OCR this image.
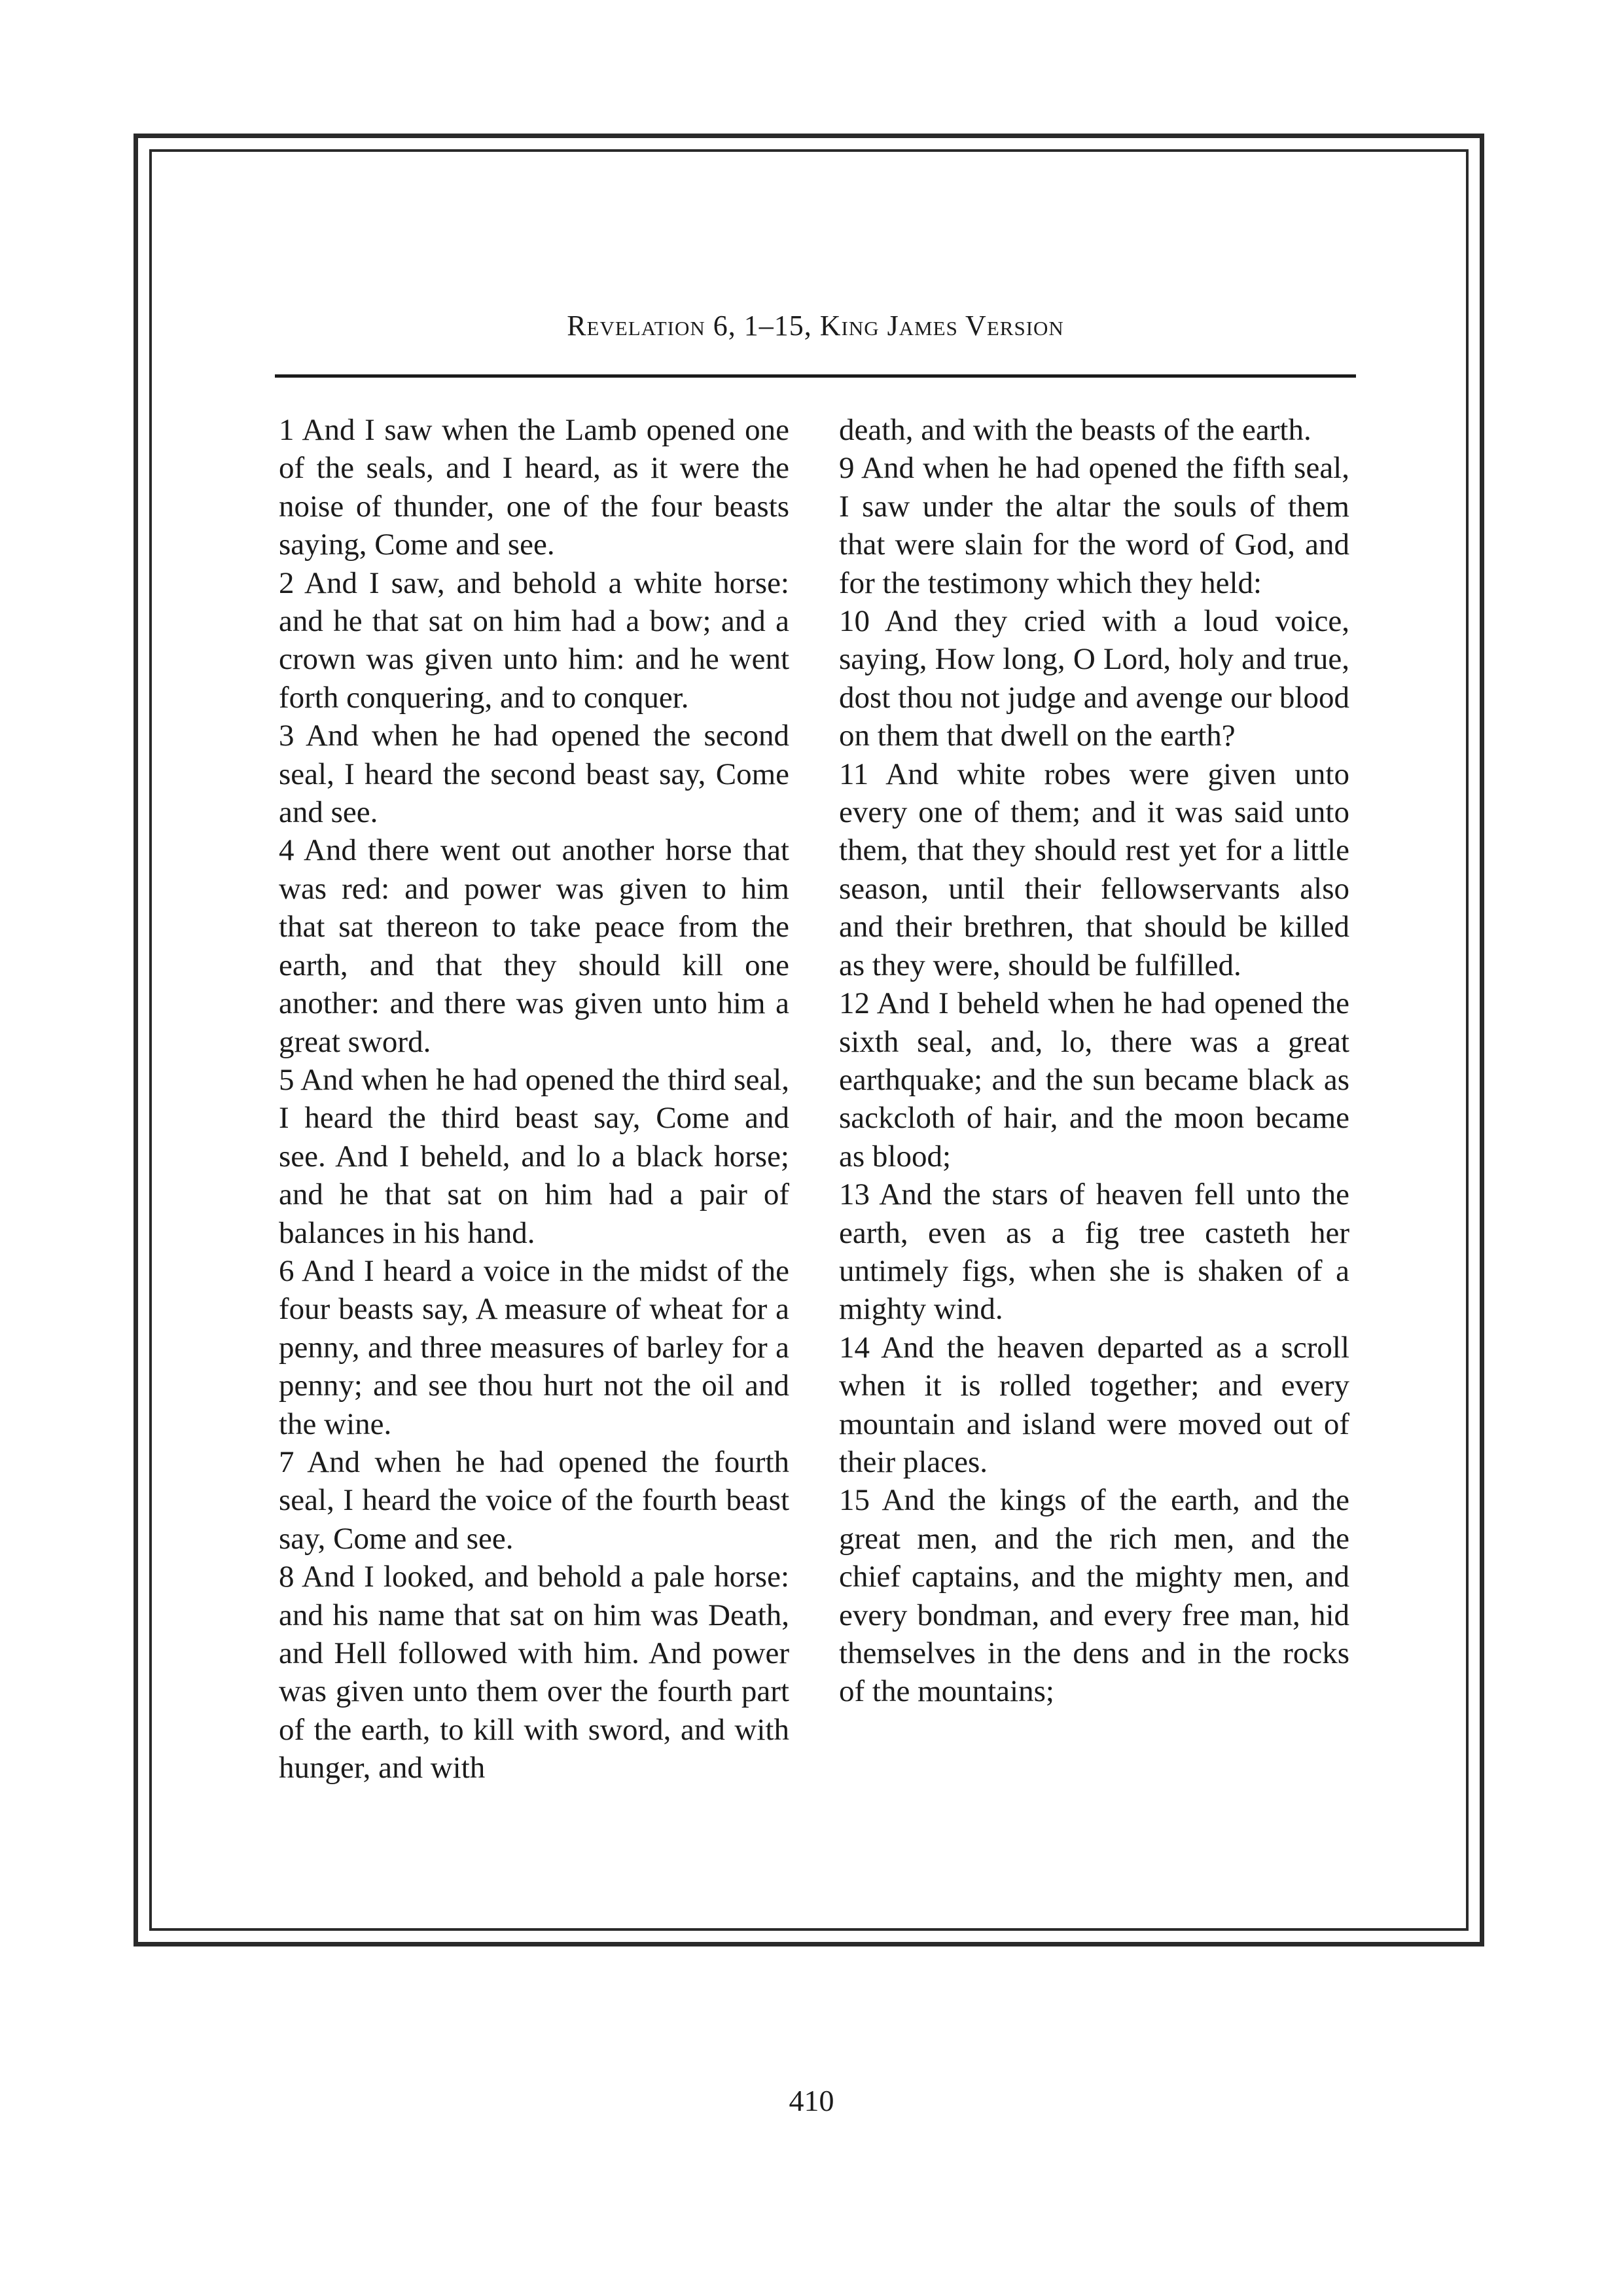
Revelation 6, 1–15, King James Version

1 And I saw when the Lamb opened one of the seals, and I heard, as it were the noise of thunder, one of the four beasts saying, Come and see.

2 And I saw, and behold a white horse: and he that sat on him had a bow; and a crown was given unto him: and he went forth conquering, and to conquer.

3 And when he had opened the second seal, I heard the second beast say, Come and see.

4 And there went out another horse that was red: and power was given to him that sat thereon to take peace from the earth, and that they should kill one another: and there was given unto him a great sword.

5 And when he had opened the third seal, I heard the third beast say, Come and see. And I beheld, and lo a black horse; and he that sat on him had a pair of balances in his hand.

6 And I heard a voice in the midst of the four beasts say, A measure of wheat for a penny, and three measures of barley for a penny; and see thou hurt not the oil and the wine.

7 And when he had opened the fourth seal, I heard the voice of the fourth beast say, Come and see.

8 And I looked, and behold a pale horse: and his name that sat on him was Death, and Hell followed with him. And power was given unto them over the fourth part of the earth, to kill with sword, and with hunger, and with

death, and with the beasts of the earth.

9 And when he had opened the fifth seal, I saw under the altar the souls of them that were slain for the word of God, and for the testimony which they held:

10 And they cried with a loud voice, saying, How long, O Lord, holy and true, dost thou not judge and avenge our blood on them that dwell on the earth?

11 And white robes were given unto every one of them; and it was said unto them, that they should rest yet for a little season, until their fellowservants also and their brethren, that should be killed as they were, should be fulfilled.

12 And I beheld when he had opened the sixth seal, and, lo, there was a great earthquake; and the sun became black as sackcloth of hair, and the moon became as blood;

13 And the stars of heaven fell unto the earth, even as a fig tree casteth her untimely figs, when she is shaken of a mighty wind.

14 And the heaven departed as a scroll when it is rolled together; and every mountain and island were moved out of their places.

15 And the kings of the earth, and the great men, and the rich men, and the chief captains, and the mighty men, and every bondman, and every free man, hid themselves in the dens and in the rocks of the mountains;

410
